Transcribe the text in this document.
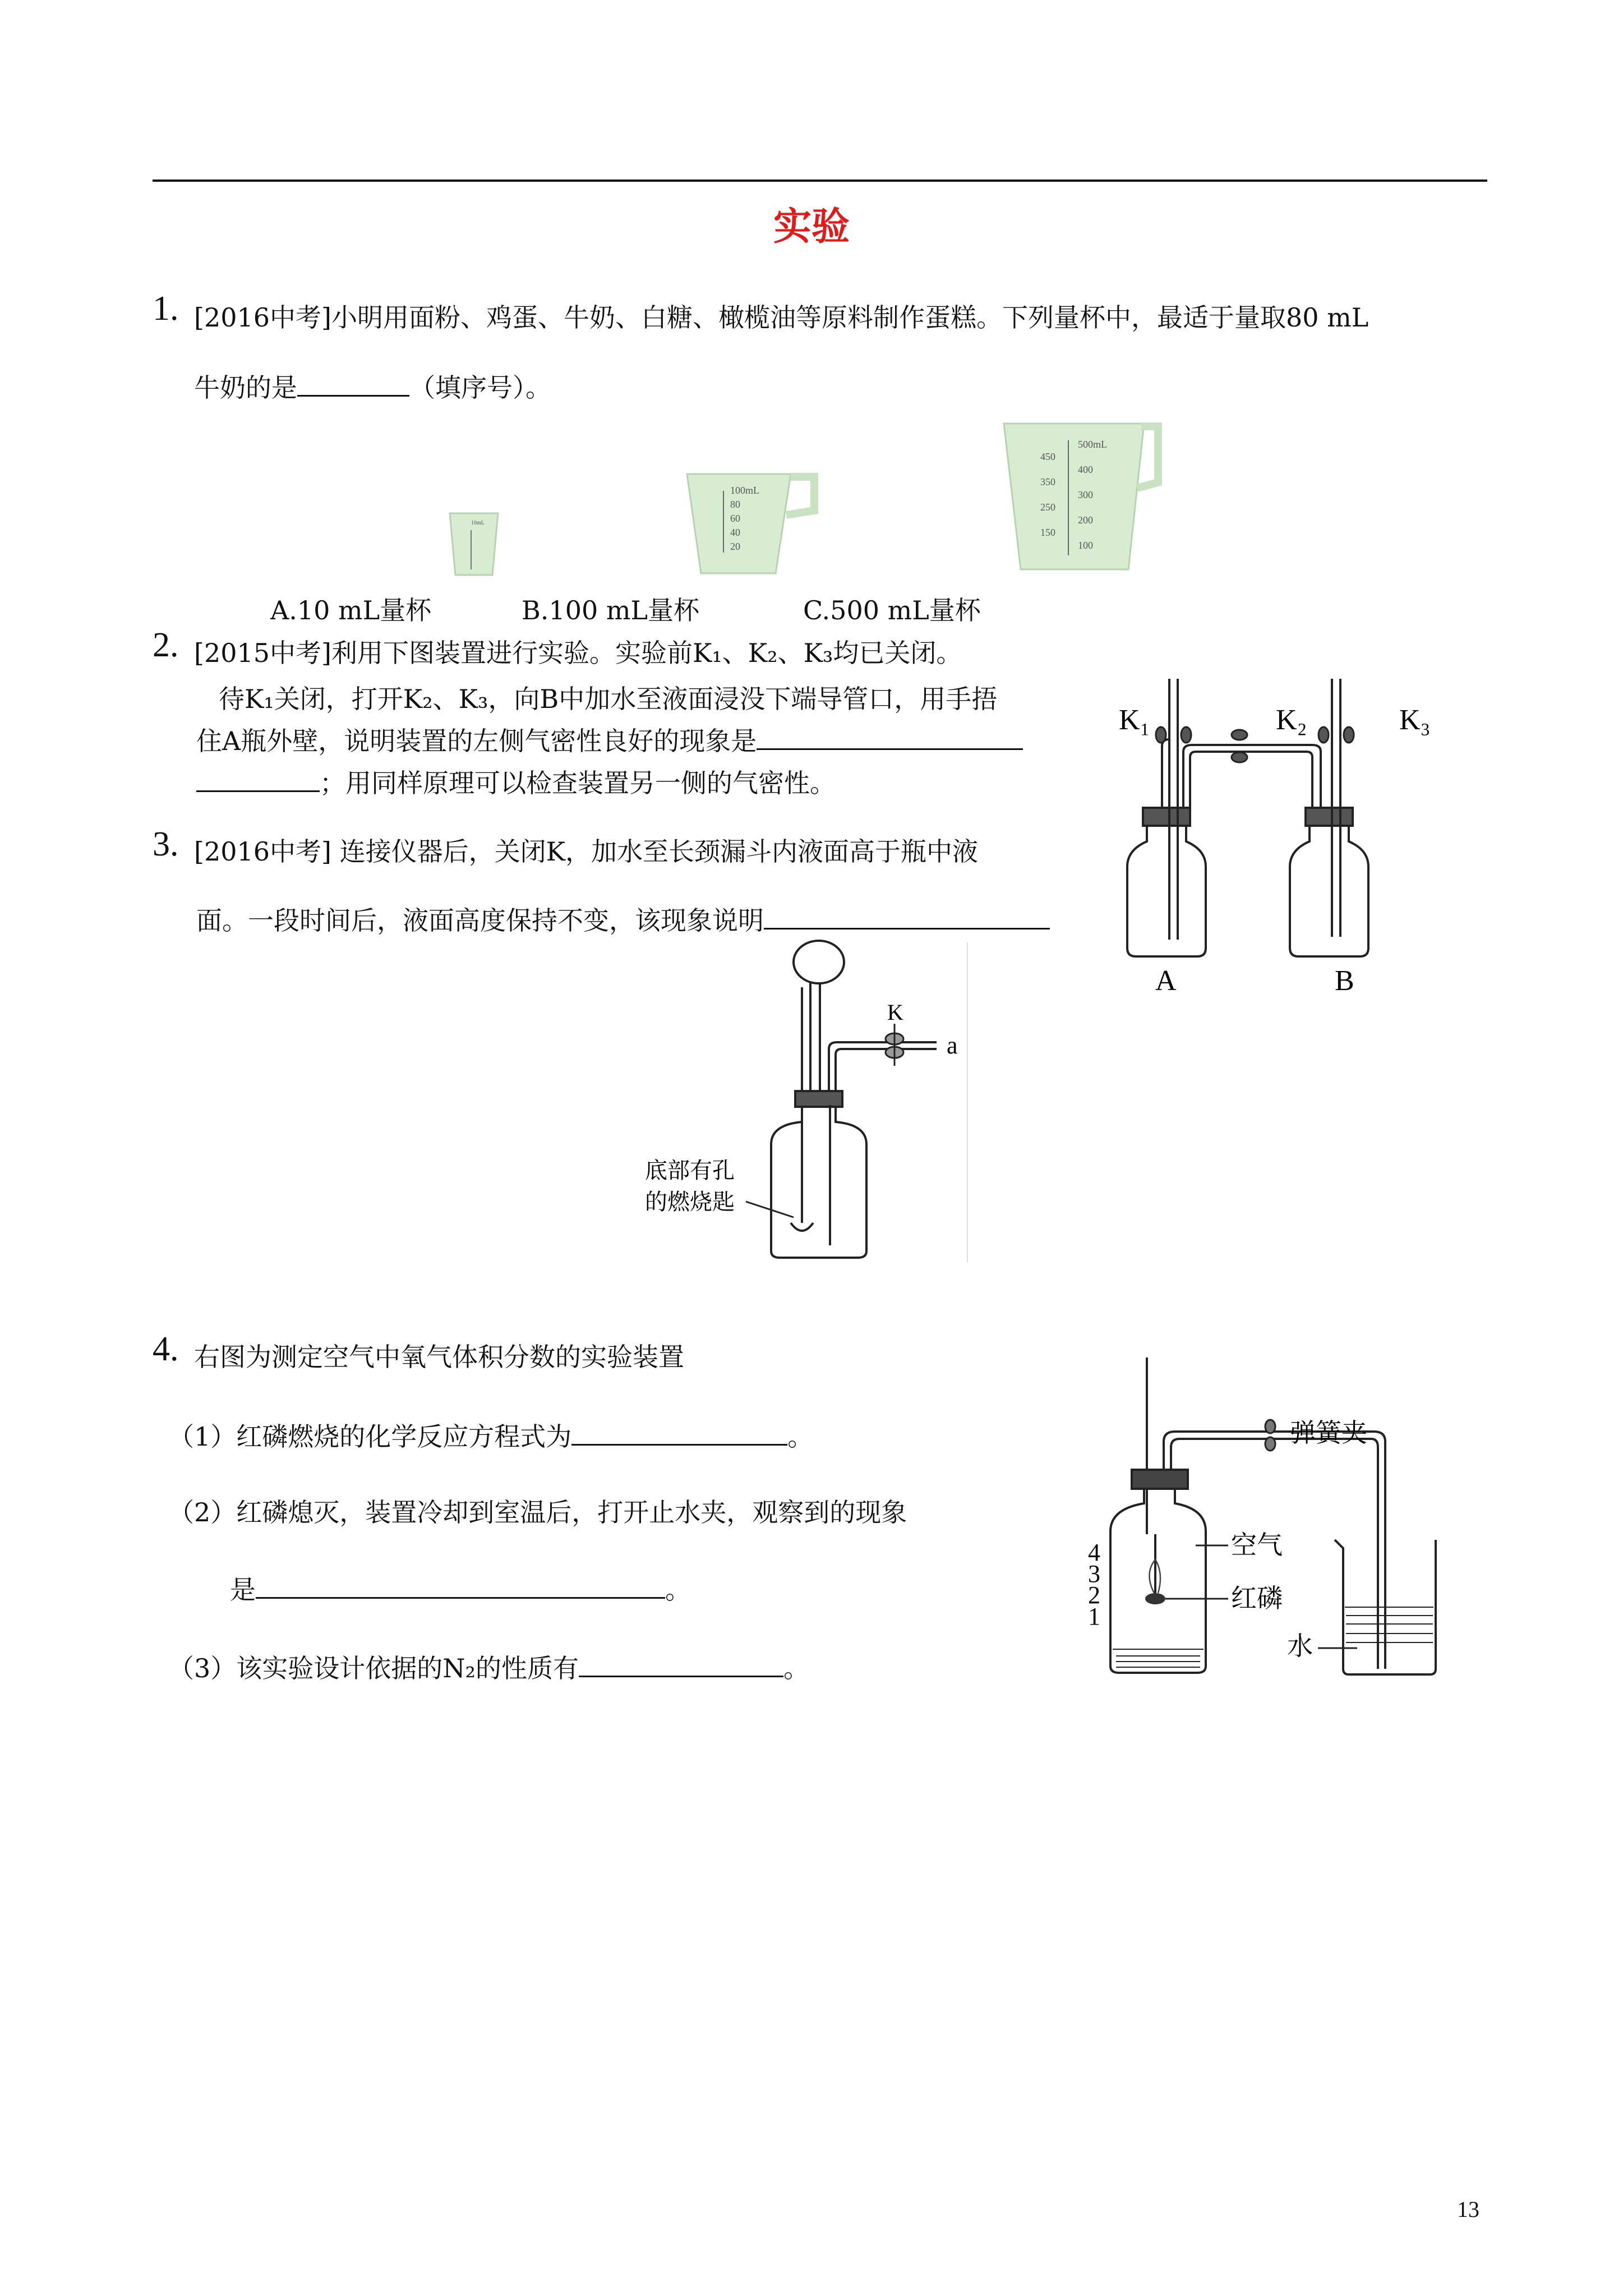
实验
1. [2016中考]小明用面粉、鸡蛋、牛奶、白糖、橄榄油等原料制作蛋糕。下列量杯中，最适于量取80 mL
牛奶的是	（填序号）。
10mL
100mL
80
60
40
20
500mL
400
300
200
100
450
350
250
150
A.10 mL量杯	B.100 mL量杯	C.500 mL量杯
2. [2015中考]利用下图装置进行实验。实验前K₁、K₂、K₃均已关闭。
待K₁关闭，打开K₂、K₃，向B中加水至液面浸没下端导管口，用手捂
住A瓶外壁，说明装置的左侧气密性良好的现象是
；用同样原理可以检查装置另一侧的气密性。
K₁	K₂	K₃
A	B
3. [2016中考] 连接仪器后，关闭K，加水至长颈漏斗内液面高于瓶中液
面。一段时间后，液面高度保持不变，该现象说明
K
a
底部有孔
的燃烧匙
4. 右图为测定空气中氧气体积分数的实验装置
（1）红磷燃烧的化学反应方程式为	。
（2）红磷熄灭，装置冷却到室温后，打开止水夹，观察到的现象
是	。
（3）该实验设计依据的N₂的性质有	。
4
3
2
1
弹簧夹
空气
红磷
水
13
